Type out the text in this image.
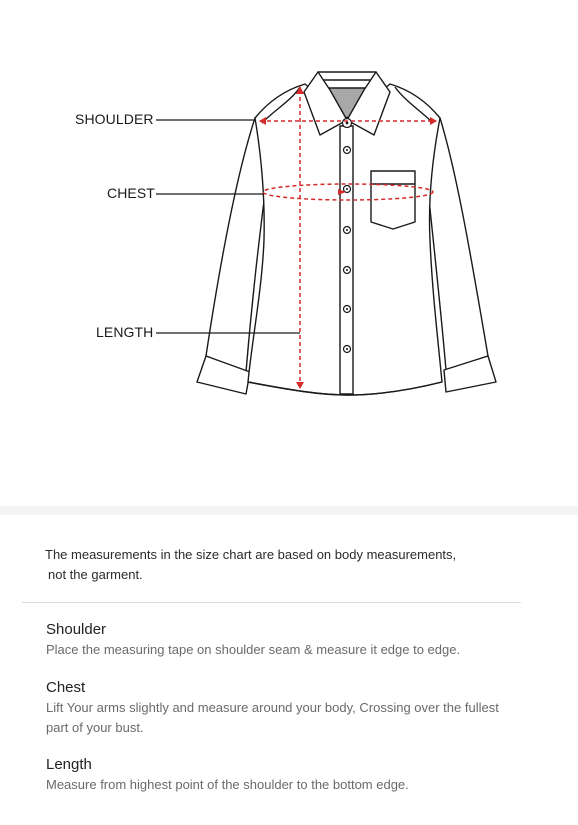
SHOULDER
CHEST
LENGTH
The measurements in the size chart are based on body measurements,
not the garment.
Shoulder
Place the measuring tape on shoulder seam & measure it edge to edge.
Chest
Lift Your arms slightly and measure around your body, Crossing over the fullest part of your bust.
Length
Measure from highest point of the shoulder to the bottom edge.
